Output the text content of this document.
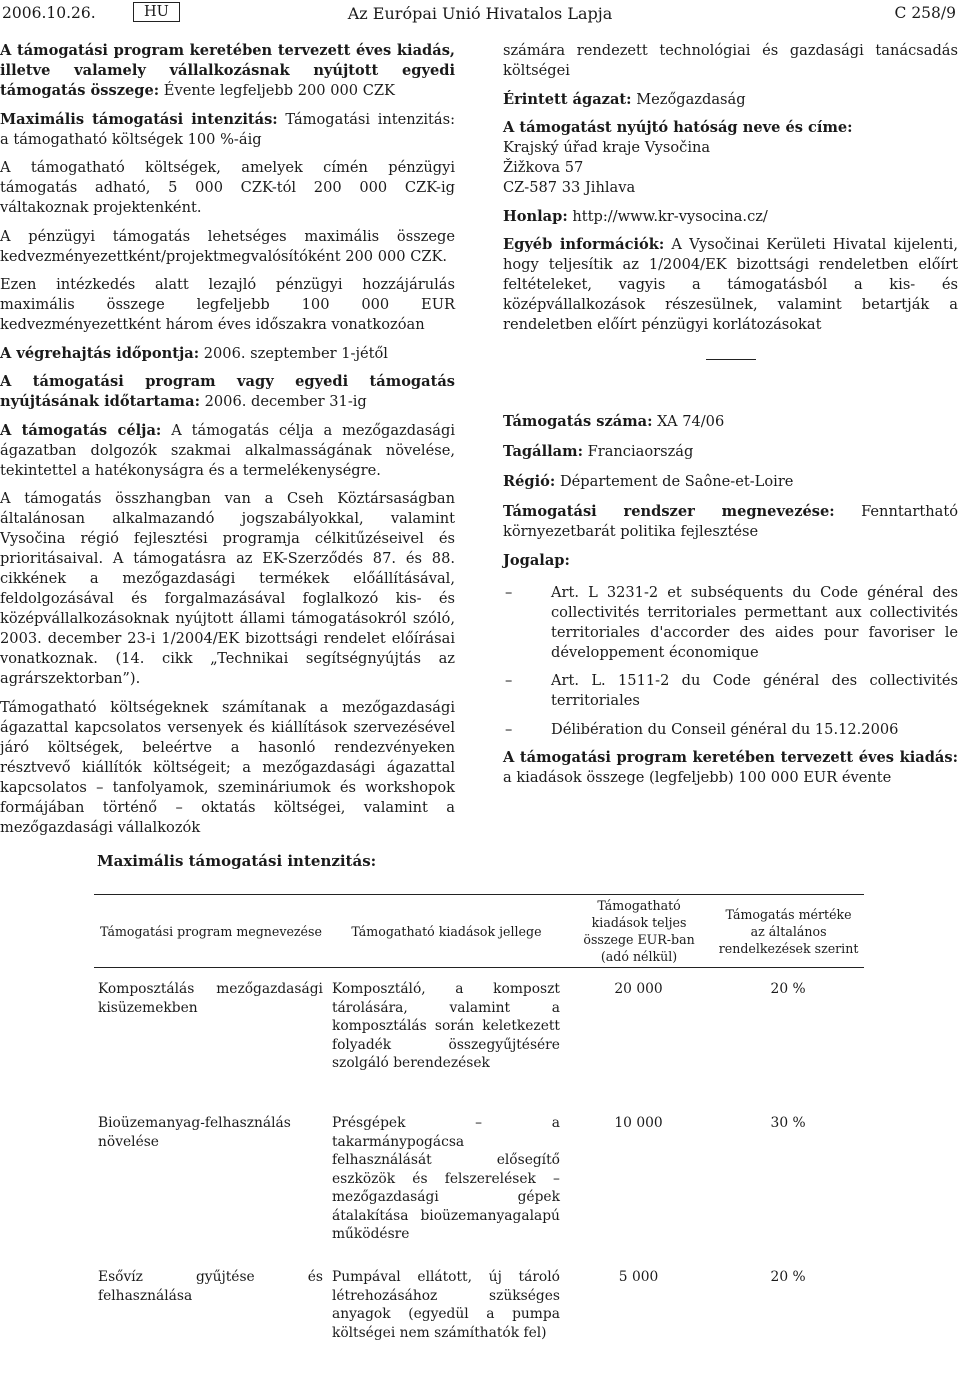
Az Európai Unió Hivatalos Lapja
2006.10.26.	HU	C 258/9

A támogatási program keretében tervezett éves kiadás, illetve valamely vállalkozásnak nyújtott egyedi támogatás összege: Évente legfeljebb 200 000 CZK

Maximális támogatási intenzitás: Támogatási intenzitás: a támogatható költségek 100 %-áig

A támogatható költségek, amelyek címén pénzügyi támogatás adható, 5 000 CZK-tól 200 000 CZK-ig váltakoznak projektenként.

A pénzügyi támogatás lehetséges maximális összege kedvezményezettként/projektmegvalósítóként 200 000 CZK.

Ezen intézkedés alatt lezajló pénzügyi hozzájárulás maximális összege legfeljebb 100 000 EUR kedvezményezettként három éves időszakra vonatkozóan

A végrehajtás időpontja: 2006. szeptember 1-jétől

A támogatási program vagy egyedi támogatás nyújtásának időtartama: 2006. december 31-ig

A támogatás célja: A támogatás célja a mezőgazdasági ágazatban dolgozók szakmai alkalmasságának növelése, tekintettel a hatékonyságra és a termelékenységre.

A támogatás összhangban van a Cseh Köztársaságban általánosan alkalmazandó jogszabályokkal, valamint Vysočina régió fejlesztési programja célkitűzéseivel és prioritásaival. A támogatásra az EK-Szerződés 87. és 88. cikkének a mezőgazdasági termékek előállításával, feldolgozásával és forgalmazásával foglalkozó kis- és középvállalkozásoknak nyújtott állami támogatásokról szóló, 2003. december 23-i 1/2004/EK bizottsági rendelet előírásai vonatkoznak. (14. cikk „Technikai segítségnyújtás az agrárszektorban”).

Támogatható költségeknek számítanak a mezőgazdasági ágazattal kapcsolatos versenyek és kiállítások szervezésével járó költségek, beleértve a hasonló rendezvényeken résztvevő kiállítók költségeit; a mezőgazdasági ágazattal kapcsolatos – tanfolyamok, szemináriumok és workshopok formájában történő – oktatás költségei, valamint a mezőgazdasági vállalkozók

számára rendezett technológiai és gazdasági tanácsadás költségei

Érintett ágazat: Mezőgazdaság

A támogatást nyújtó hatóság neve és címe:

Krajský úřad kraje Vysočina
Žižkova 57
CZ-587 33 Jihlava

Honlap: http://www.kr-vysocina.cz/

Egyéb információk: A Vysočinai Kerületi Hivatal kijelenti, hogy teljesítik az 1/2004/EK bizottsági rendeletben előírt feltételeket, vagyis a támogatásból a kis- és középvállalkozások részesülnek, valamint betartják a rendeletben előírt pénzügyi korlátozásokat

Támogatás száma: XA 74/06

Tagállam: Franciaország

Régió: Département de Saône-et-Loire

Támogatási rendszer megnevezése: Fenntartható környezetbarát politika fejlesztése

Jogalap:

–	Art. L 3231-2 et subséquents du Code général des collectivités territoriales permettant aux collectivités territoriales d'accorder des aides pour favoriser le développement économique

–	Art. L. 1511-2 du Code général des collectivités territoriales

–	Délibération du Conseil général du 15.12.2006

A támogatási program keretében tervezett éves kiadás: a kiadások összege (legfeljebb) 100 000 EUR évente

Maximális támogatási intenzitás:
Támogatási program megnevezése	Támogatható kiadások jellege	Támogatható kiadások teljes összege EUR-ban (adó nélkül)	Támogatás mértéke az általános rendelkezések szerint
Komposztálás mezőgazdasági kisüzemekben	Komposztáló, a komposzt tárolására, valamint a komposztálás során keletkezett folyadék összegyűjtésére szolgáló berendezések	20 000	20 %
Bioüzemanyag-felhasználás növelése	Présgépek – a takarmánypogácsa felhasználását elősegítő eszközök és felszerelések – mezőgazdasági gépek átalakítása bioüzemanyagalapú működésre	10 000	30 %
Esővíz gyűjtése és felhasználása	Pumpával ellátott, új tároló létrehozásához szükséges anyagok (egyedül a pumpa költségei nem számíthatók fel)	5 000	20 %
